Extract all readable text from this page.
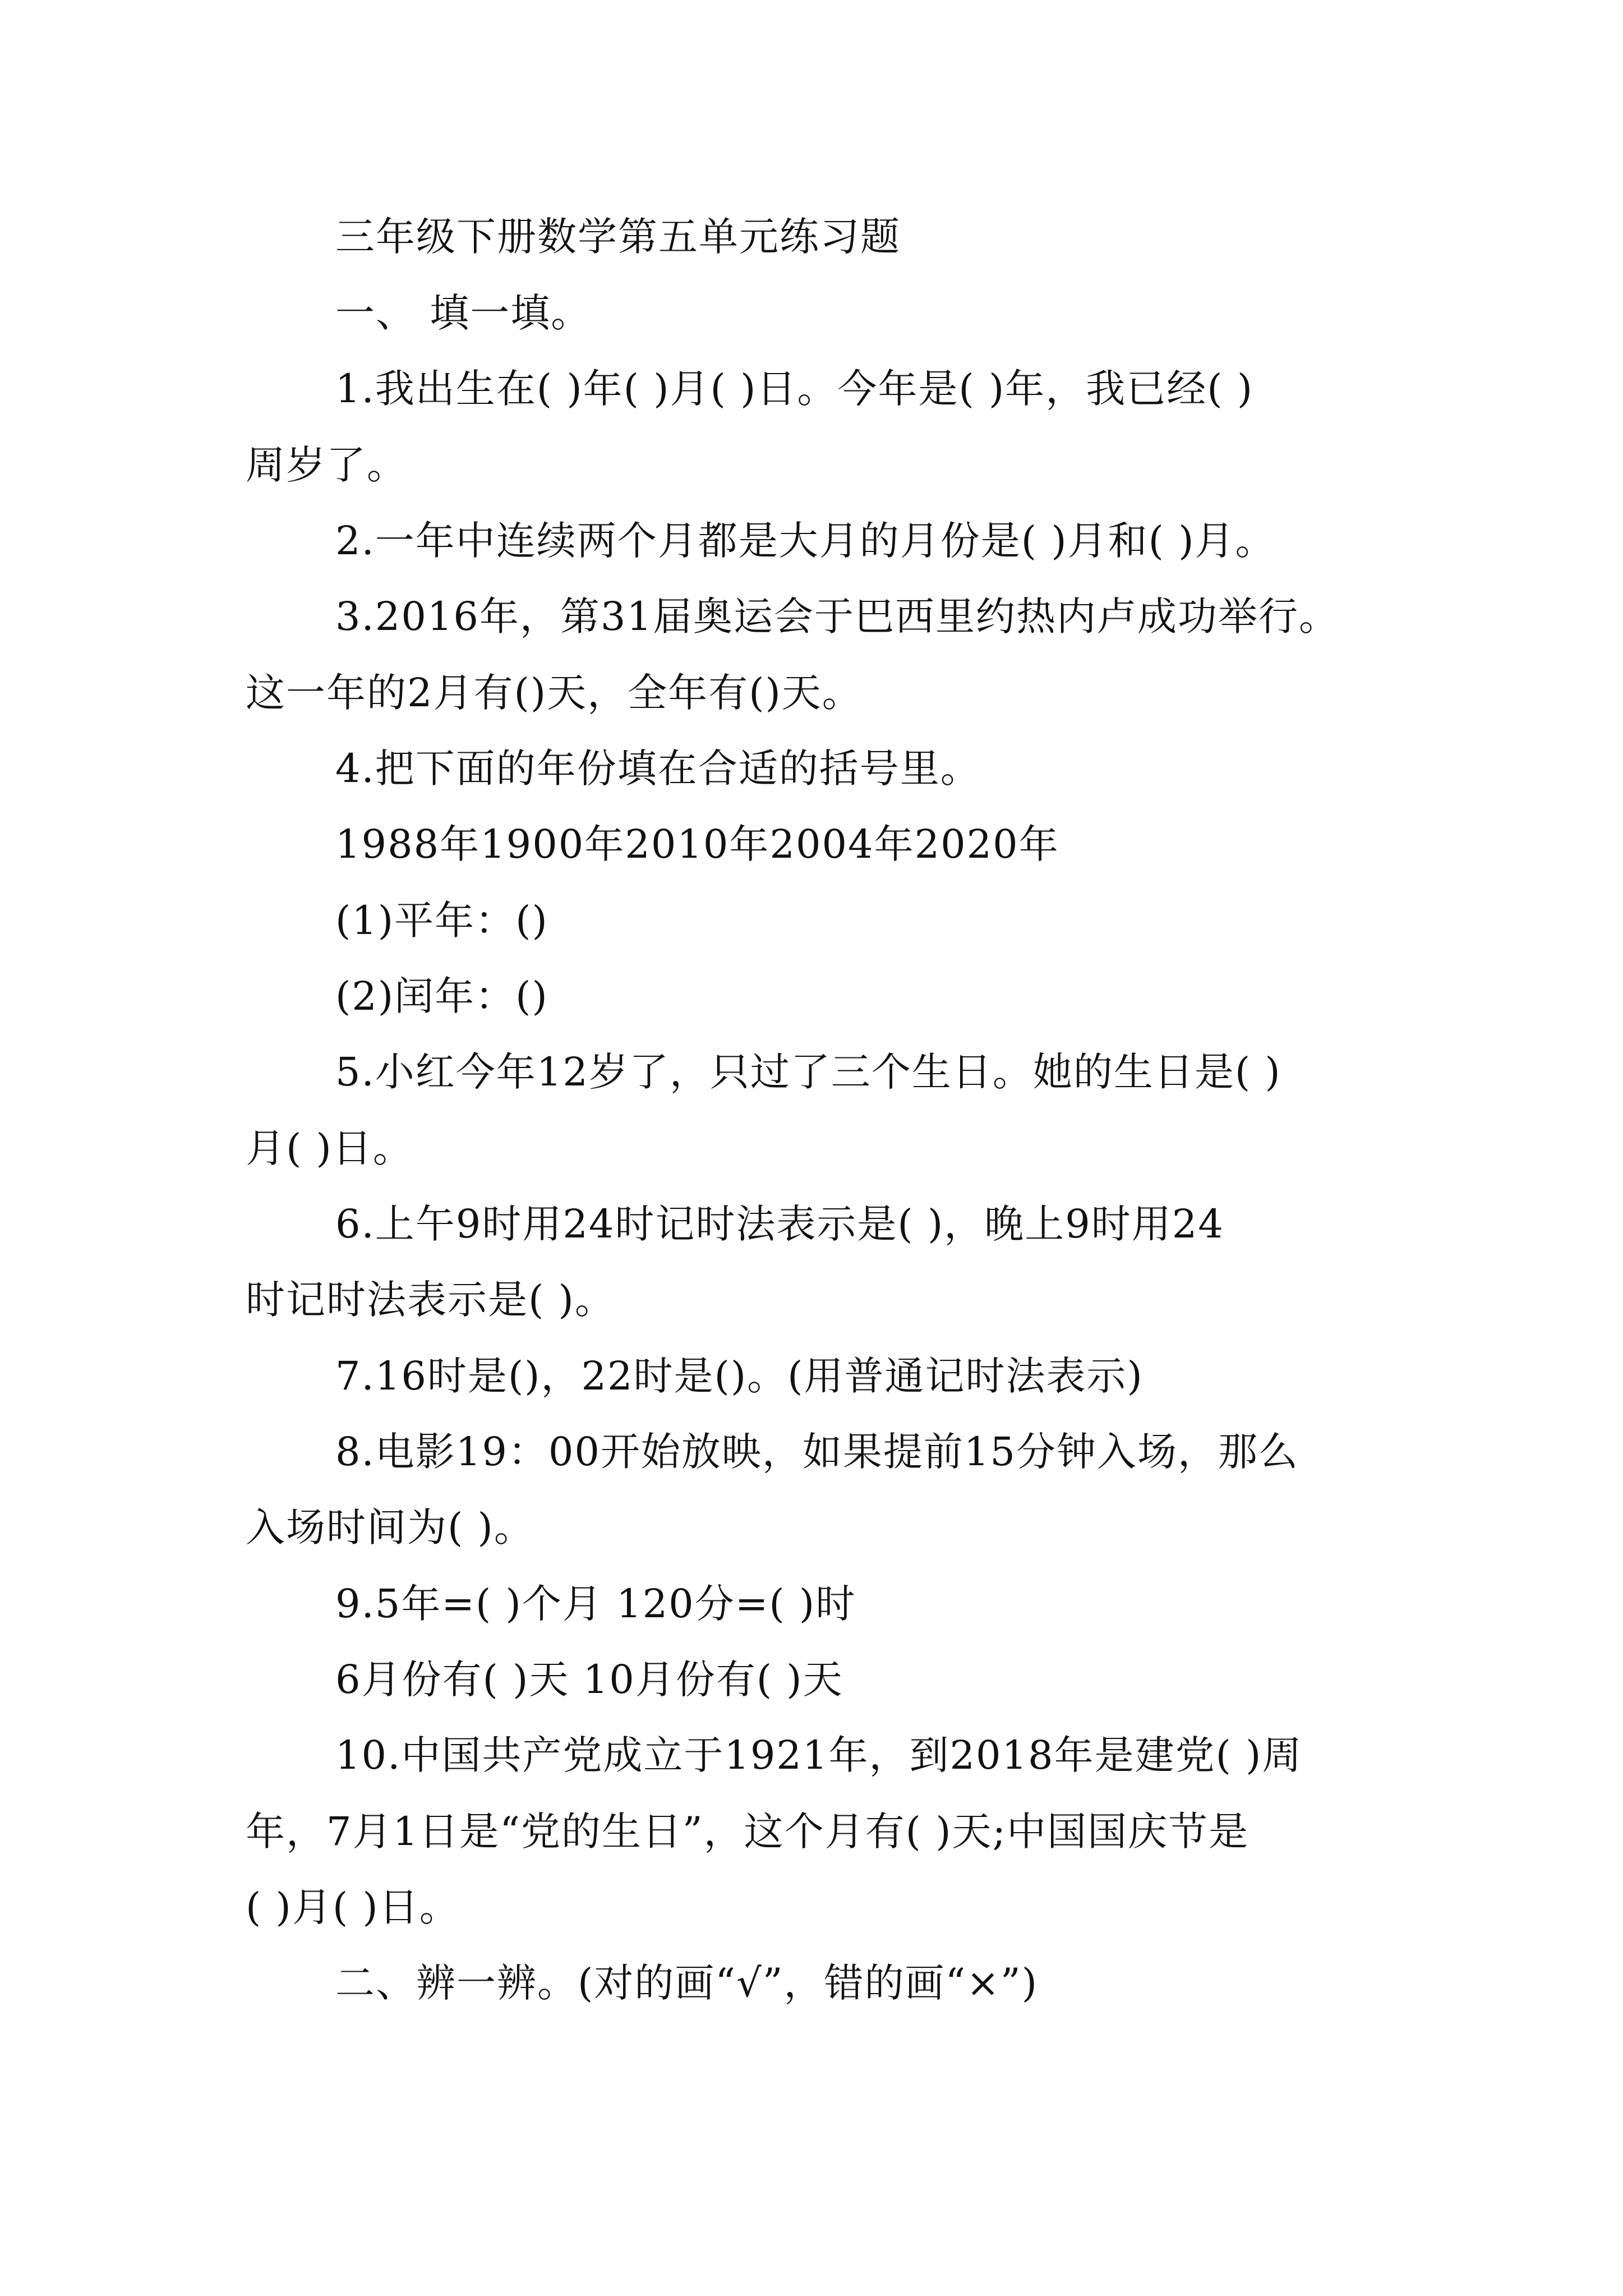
三年级下册数学第五单元练习题
一、 填一填。
1.我出生在( )年( )月( )日。今年是( )年，我已经( )
周岁了。
2.一年中连续两个月都是大月的月份是( )月和( )月。
3.2016年，第31届奥运会于巴西里约热内卢成功举行。
这一年的2月有()天，全年有()天。
4.把下面的年份填在合适的括号里。
1988年1900年2010年2004年2020年
(1)平年：()
(2)闰年：()
5.小红今年12岁了，只过了三个生日。她的生日是( )
月( )日。
6.上午9时用24时记时法表示是( )，晚上9时用24
时记时法表示是( )。
7.16时是()，22时是()。(用普通记时法表示)
8.电影19：00开始放映，如果提前15分钟入场，那么
入场时间为( )。
9.5年=( )个月 120分=( )时
6月份有( )天 10月份有( )天
10.中国共产党成立于1921年，到2018年是建党( )周
年，7月1日是“党的生日”，这个月有( )天;中国国庆节是
( )月( )日。
二、辨一辨。(对的画“√”，错的画“×”)
